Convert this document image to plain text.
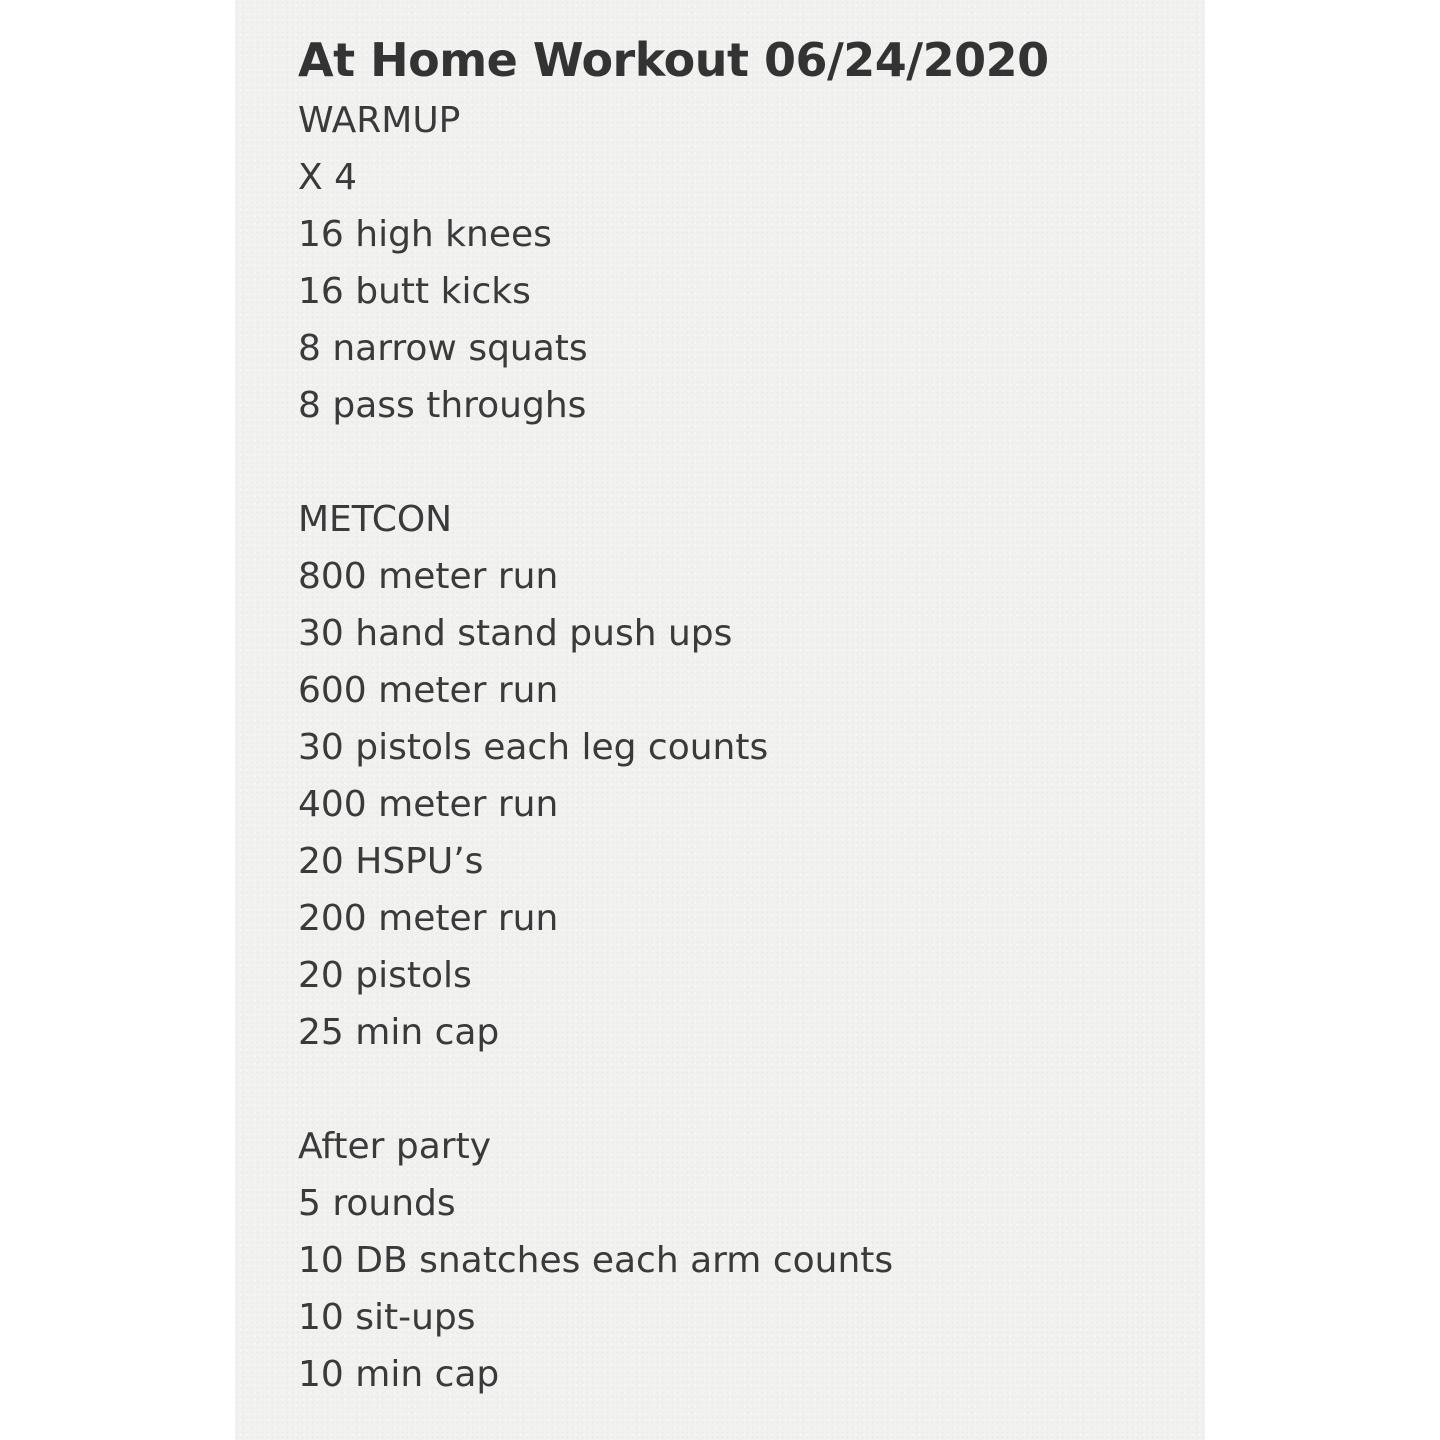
At Home Workout 06/24/2020
WARMUP
X 4
16 high knees
16 butt kicks
8 narrow squats
8 pass throughs
METCON
800 meter run
30 hand stand push ups
600 meter run
30 pistols each leg counts
400 meter run
20 HSPU’s
200 meter run
20 pistols
25 min cap
After party
5 rounds
10 DB snatches each arm counts
10 sit-ups
10 min cap
